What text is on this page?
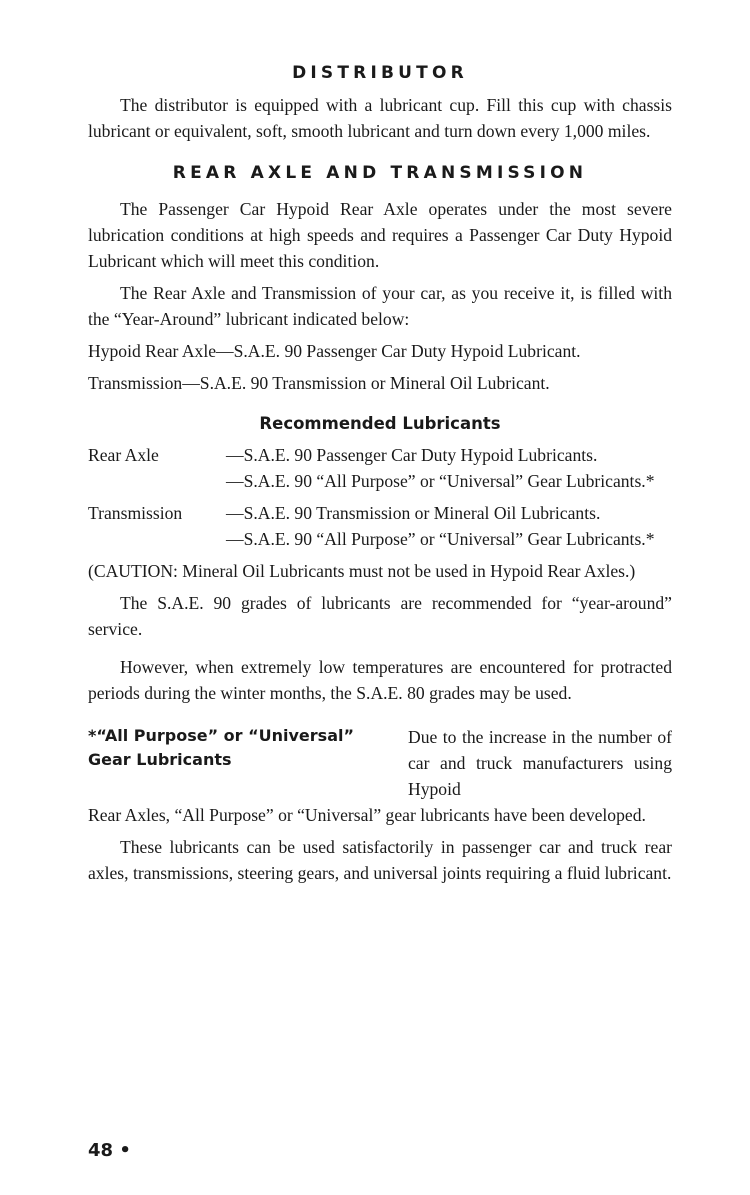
DISTRIBUTOR

The distributor is equipped with a lubricant cup. Fill this cup with chassis lubricant or equivalent, soft, smooth lubricant and turn down every 1,000 miles.

REAR AXLE AND TRANSMISSION

The Passenger Car Hypoid Rear Axle operates under the most severe lubrication conditions at high speeds and requires a Passenger Car Duty Hypoid Lubricant which will meet this condition.

The Rear Axle and Transmission of your car, as you receive it, is filled with the “Year-Around” lubricant indicated below:

Hypoid Rear Axle—S.A.E. 90 Passenger Car Duty Hypoid Lubricant.

Transmission—S.A.E. 90 Transmission or Mineral Oil Lubricant.

Recommended Lubricants
Rear Axle	—S.A.E. 90 Passenger Car Duty Hypoid Lubricants.
—S.A.E. 90 “All Purpose” or “Universal” Gear Lubricants.*
Transmission	—S.A.E. 90 Transmission or Mineral Oil Lubricants.
—S.A.E. 90 “All Purpose” or “Universal” Gear Lubricants.*

(CAUTION: Mineral Oil Lubricants must not be used in Hypoid Rear Axles.)

The S.A.E. 90 grades of lubricants are recommended for “year-around” service.

However, when extremely low temperatures are encountered for protracted periods during the winter months, the S.A.E. 80 grades may be used.

*“All Purpose” or “Universal”
Gear Lubricants
Due to the increase in the number of car and truck manufacturers using Hypoid

Rear Axles, “All Purpose” or “Universal” gear lubricants have been developed.

These lubricants can be used satisfactorily in passenger car and truck rear axles, transmissions, steering gears, and universal joints requiring a fluid lubricant.

48 •
